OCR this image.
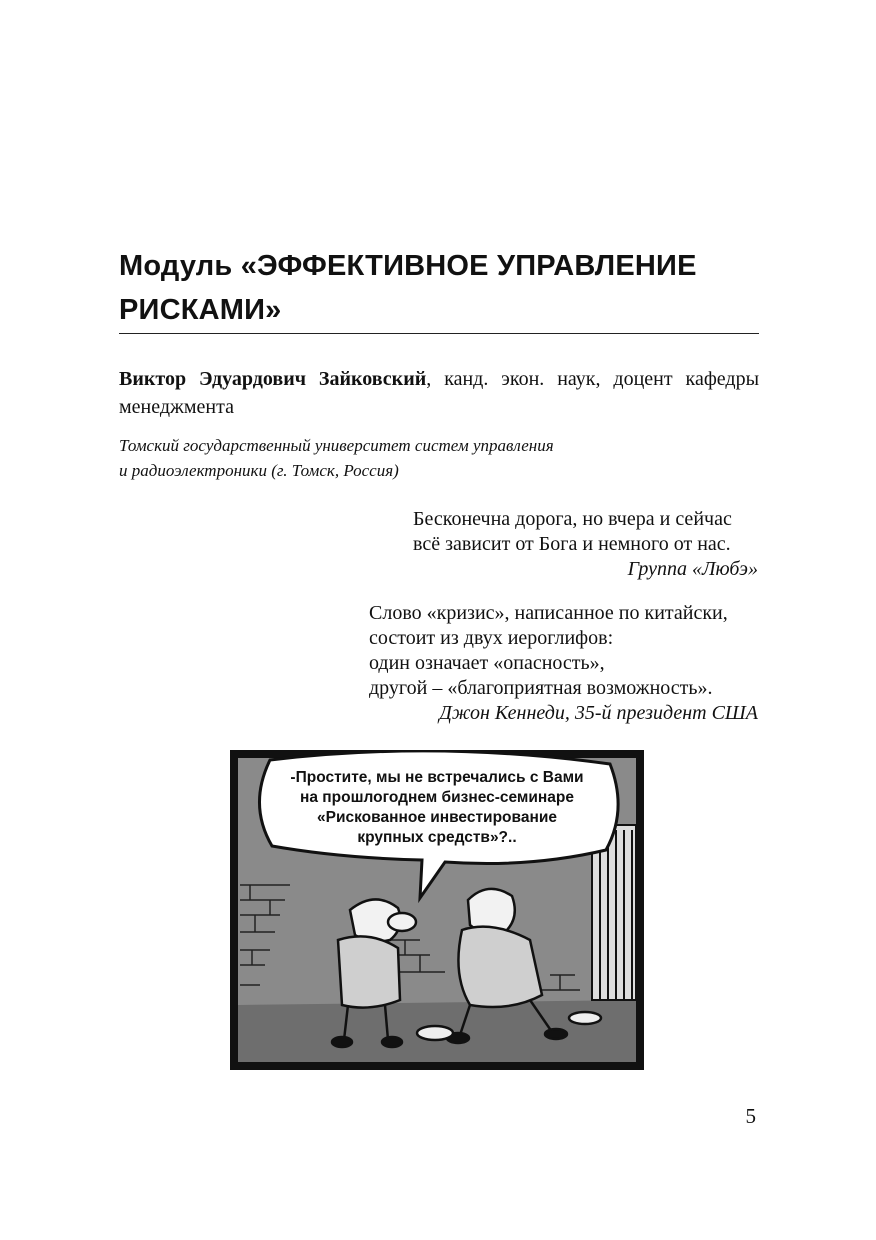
Модуль «ЭФФЕКТИВНОЕ УПРАВЛЕНИЕ
РИСКАМИ»
Виктор Эдуардович Зайковский, канд. экон. наук, доцент кафедры менеджмента
Томский государственный университет систем управления
и радиоэлектроники (г. Томск, Россия)
Бесконечна дорога, но вчера и сейчас
всё зависит от Бога и немного от нас.
Группа «Любэ»
Слово «кризис», написанное по китайски,
состоит из двух иероглифов:
один означает «опасность»,
другой – «благоприятная возможность».
Джон Кеннеди, 35-й президент США
-Простите, мы не встречались с Вами
на прошлогоднем бизнес-семинаре
«Рискованное инвестирование
крупных средств»?..
5
